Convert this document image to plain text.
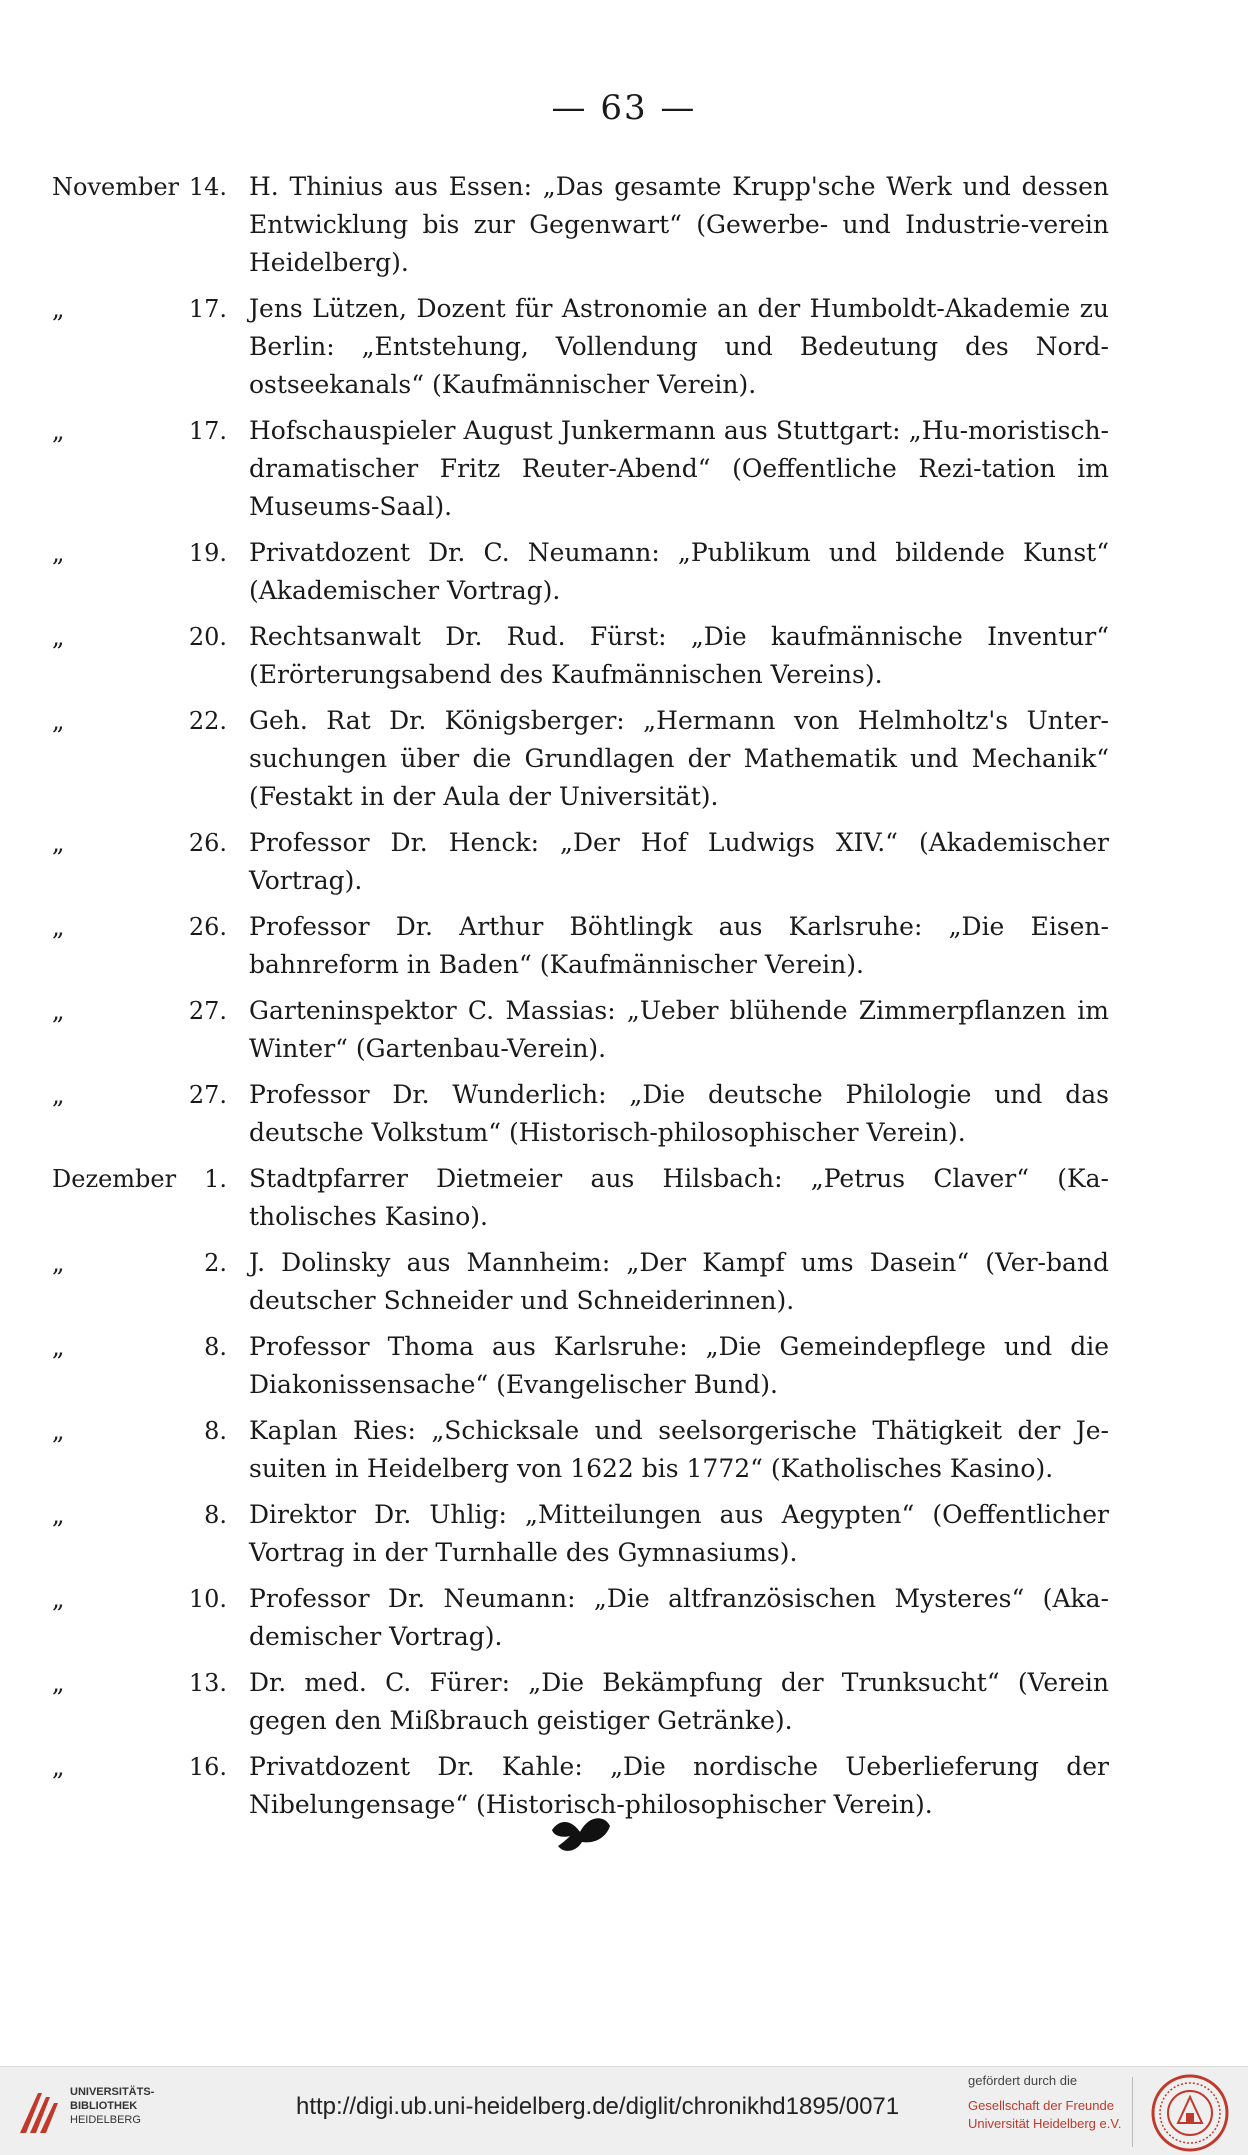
— 63 —
November 14. H. Thinius aus Essen: „Das gesamte Krupp'sche Werk und dessen Entwicklung bis zur Gegenwart“ (Gewerbe- und Industrie-verein Heidelberg).
„	17. Jens Lützen, Dozent für Astronomie an der Humboldt-Akademie zu Berlin: „Entstehung, Vollendung und Bedeutung des Nord-ostseekanals“ (Kaufmännischer Verein).
„	17. Hofschauspieler August Junkermann aus Stuttgart: „Hu-moristisch-dramatischer Fritz Reuter-Abend“ (Oeffentliche Rezi-tation im Museums-Saal).
„	19. Privatdozent Dr. C. Neumann: „Publikum und bildende Kunst“ (Akademischer Vortrag).
„	20. Rechtsanwalt Dr. Rud. Fürst: „Die kaufmännische Inventur“ (Erörterungsabend des Kaufmännischen Vereins).
„	22. Geh. Rat Dr. Königsberger: „Hermann von Helmholtz's Unter-suchungen über die Grundlagen der Mathematik und Mechanik“ (Festakt in der Aula der Universität).
„	26. Professor Dr. Henck: „Der Hof Ludwigs XIV.“ (Akademischer Vortrag).
„	26. Professor Dr. Arthur Böhtlingk aus Karlsruhe: „Die Eisen-bahnreform in Baden“ (Kaufmännischer Verein).
„	27. Garteninspektor C. Massias: „Ueber blühende Zimmerpflanzen im Winter“ (Gartenbau-Verein).
„	27. Professor Dr. Wunderlich: „Die deutsche Philologie und das deutsche Volkstum“ (Historisch-philosophischer Verein).
Dezember 1. Stadtpfarrer Dietmeier aus Hilsbach: „Petrus Claver“ (Ka-tholisches Kasino).
„	2. J. Dolinsky aus Mannheim: „Der Kampf ums Dasein“ (Ver-band deutscher Schneider und Schneiderinnen).
„	8. Professor Thoma aus Karlsruhe: „Die Gemeindepflege und die Diakonissensache“ (Evangelischer Bund).
„	8. Kaplan Ries: „Schicksale und seelsorgerische Thätigkeit der Je-suiten in Heidelberg von 1622 bis 1772“ (Katholisches Kasino).
„	8. Direktor Dr. Uhlig: „Mitteilungen aus Aegypten“ (Oeffentlicher Vortrag in der Turnhalle des Gymnasiums).
„	10. Professor Dr. Neumann: „Die altfranzösischen Mysteres“ (Aka-demischer Vortrag).
„	13. Dr. med. C. Fürer: „Die Bekämpfung der Trunksucht“ (Verein gegen den Mißbrauch geistiger Getränke).
„	16. Privatdozent Dr. Kahle: „Die nordische Ueberlieferung der Nibelungensage“ (Historisch-philosophischer Verein).
UNIVERSITÄTS-
BIBLIOTHEK
HEIDELBERG	http://digi.ub.uni-heidelberg.de/diglit/chronikhd1895/0071
gefördert durch die
Gesellschaft der Freunde
Universität Heidelberg e.V.
